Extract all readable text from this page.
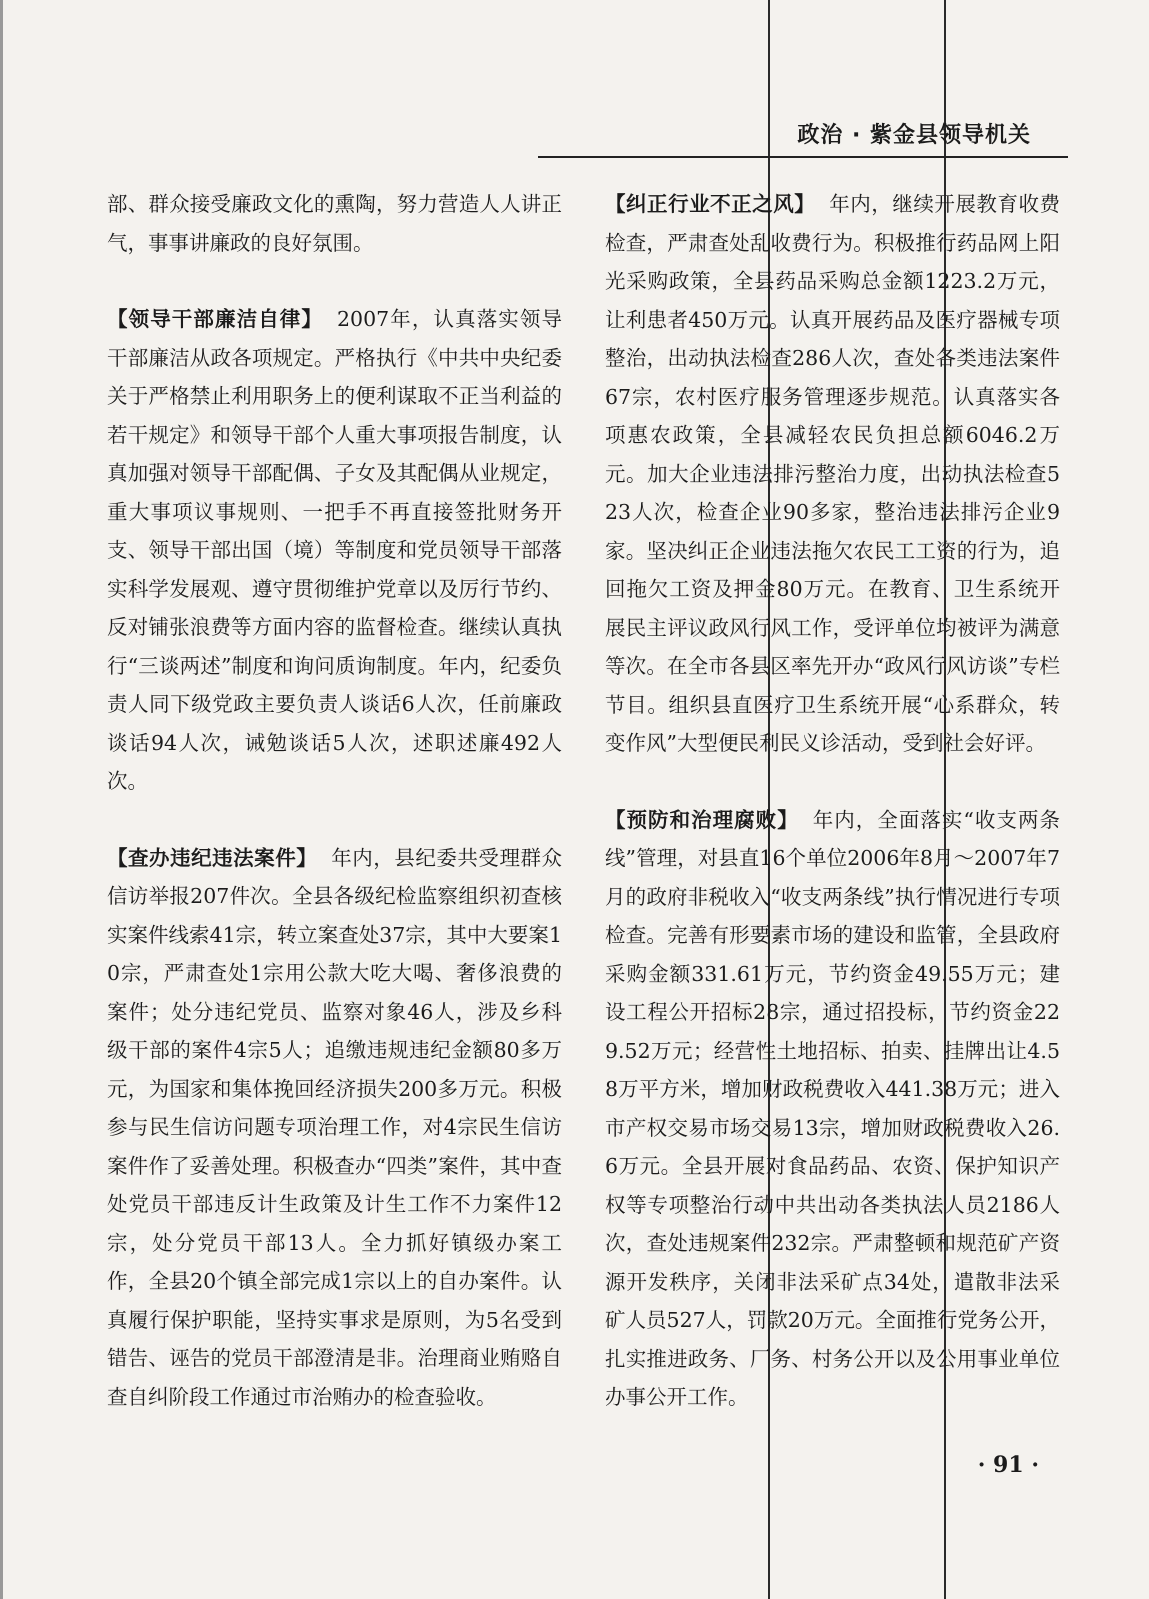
政治 · 紫金县领导机关

部、群众接受廉政文化的熏陶，努力营造人人讲正气，事事讲廉政的良好氛围。

【领导干部廉洁自律】 2007年，认真落实领导干部廉洁从政各项规定。严格执行《中共中央纪委关于严格禁止利用职务上的便利谋取不正当利益的若干规定》和领导干部个人重大事项报告制度，认真加强对领导干部配偶、子女及其配偶从业规定，重大事项议事规则、一把手不再直接签批财务开支、领导干部出国（境）等制度和党员领导干部落实科学发展观、遵守贯彻维护党章以及厉行节约、反对铺张浪费等方面内容的监督检查。继续认真执行“三谈两述”制度和询问质询制度。年内，纪委负责人同下级党政主要负责人谈话6人次，任前廉政谈话94人次，诫勉谈话5人次，述职述廉492人次。

【查办违纪违法案件】 年内，县纪委共受理群众信访举报207件次。全县各级纪检监察组织初查核实案件线索41宗，转立案查处37宗，其中大要案10宗，严肃查处1宗用公款大吃大喝、奢侈浪费的案件；处分违纪党员、监察对象46人，涉及乡科级干部的案件4宗5人；追缴违规违纪金额80多万元，为国家和集体挽回经济损失200多万元。积极参与民生信访问题专项治理工作，对4宗民生信访案件作了妥善处理。积极查办“四类”案件，其中查处党员干部违反计生政策及计生工作不力案件12宗，处分党员干部13人。全力抓好镇级办案工作，全县20个镇全部完成1宗以上的自办案件。认真履行保护职能，坚持实事求是原则，为5名受到错告、诬告的党员干部澄清是非。治理商业贿赂自查自纠阶段工作通过市治贿办的检查验收。

【纠正行业不正之风】 年内，继续开展教育收费检查，严肃查处乱收费行为。积极推行药品网上阳光采购政策，全县药品采购总金额1223.2万元，让利患者450万元。认真开展药品及医疗器械专项整治，出动执法检查286人次，查处各类违法案件67宗，农村医疗服务管理逐步规范。认真落实各项惠农政策，全县减轻农民负担总额6046.2万元。加大企业违法排污整治力度，出动执法检查523人次，检查企业90多家，整治违法排污企业9家。坚决纠正企业违法拖欠农民工工资的行为，追回拖欠工资及押金80万元。在教育、卫生系统开展民主评议政风行风工作，受评单位均被评为满意等次。在全市各县区率先开办“政风行风访谈”专栏节目。组织县直医疗卫生系统开展“心系群众，转变作风”大型便民利民义诊活动，受到社会好评。

【预防和治理腐败】 年内，全面落实“收支两条线”管理，对县直16个单位2006年8月～2007年7月的政府非税收入“收支两条线”执行情况进行专项检查。完善有形要素市场的建设和监管，全县政府采购金额331.61万元，节约资金49.55万元；建设工程公开招标28宗，通过招投标，节约资金229.52万元；经营性土地招标、拍卖、挂牌出让4.58万平方米，增加财政税费收入441.38万元；进入市产权交易市场交易13宗，增加财政税费收入26.6万元。全县开展对食品药品、农资、保护知识产权等专项整治行动中共出动各类执法人员2186人次，查处违规案件232宗。严肃整顿和规范矿产资源开发秩序，关闭非法采矿点34处，遣散非法采矿人员527人，罚款20万元。全面推行党务公开，扎实推进政务、厂务、村务公开以及公用事业单位办事公开工作。

· 91 ·
